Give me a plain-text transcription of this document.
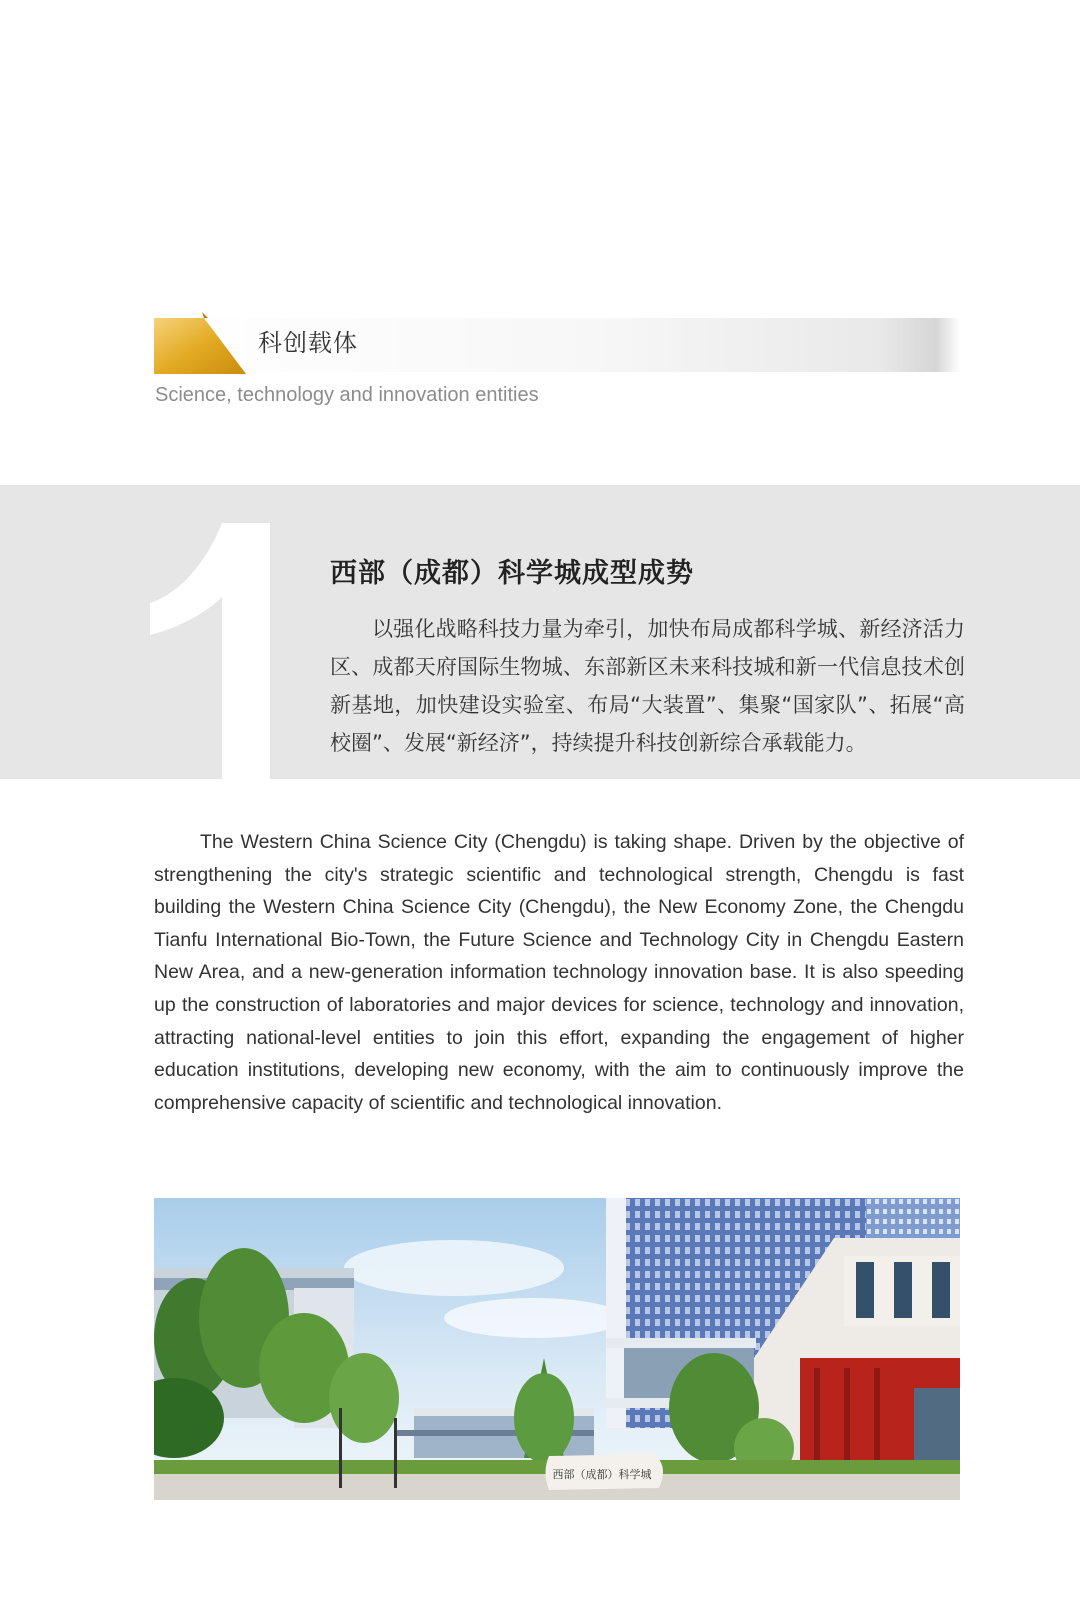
科创载体
Science, technology and innovation entities
西部（成都）科学城成型成势
以强化战略科技力量为牵引，加快布局成都科学城、新经济活力区、成都天府国际生物城、东部新区未来科技城和新一代信息技术创新基地，加快建设实验室、布局“大装置”、集聚“国家队”、拓展“高校圈”、发展“新经济”，持续提升科技创新综合承载能力。

The Western China Science City (Chengdu) is taking shape. Driven by the objective of strengthening the city's strategic scientific and technological strength, Chengdu is fast building the Western China Science City (Chengdu), the New Economy Zone, the Chengdu Tianfu International Bio-Town, the Future Science and Technology City in Chengdu Eastern New Area, and a new-generation information technology innovation base. It is also speeding up the construction of laboratories and major devices for science, technology and innovation, attracting national-level entities to join this effort, expanding the engagement of higher education institutions, developing new economy, with the aim to continuously improve the comprehensive capacity of scientific and technological innovation.

西部（成都）科学城
